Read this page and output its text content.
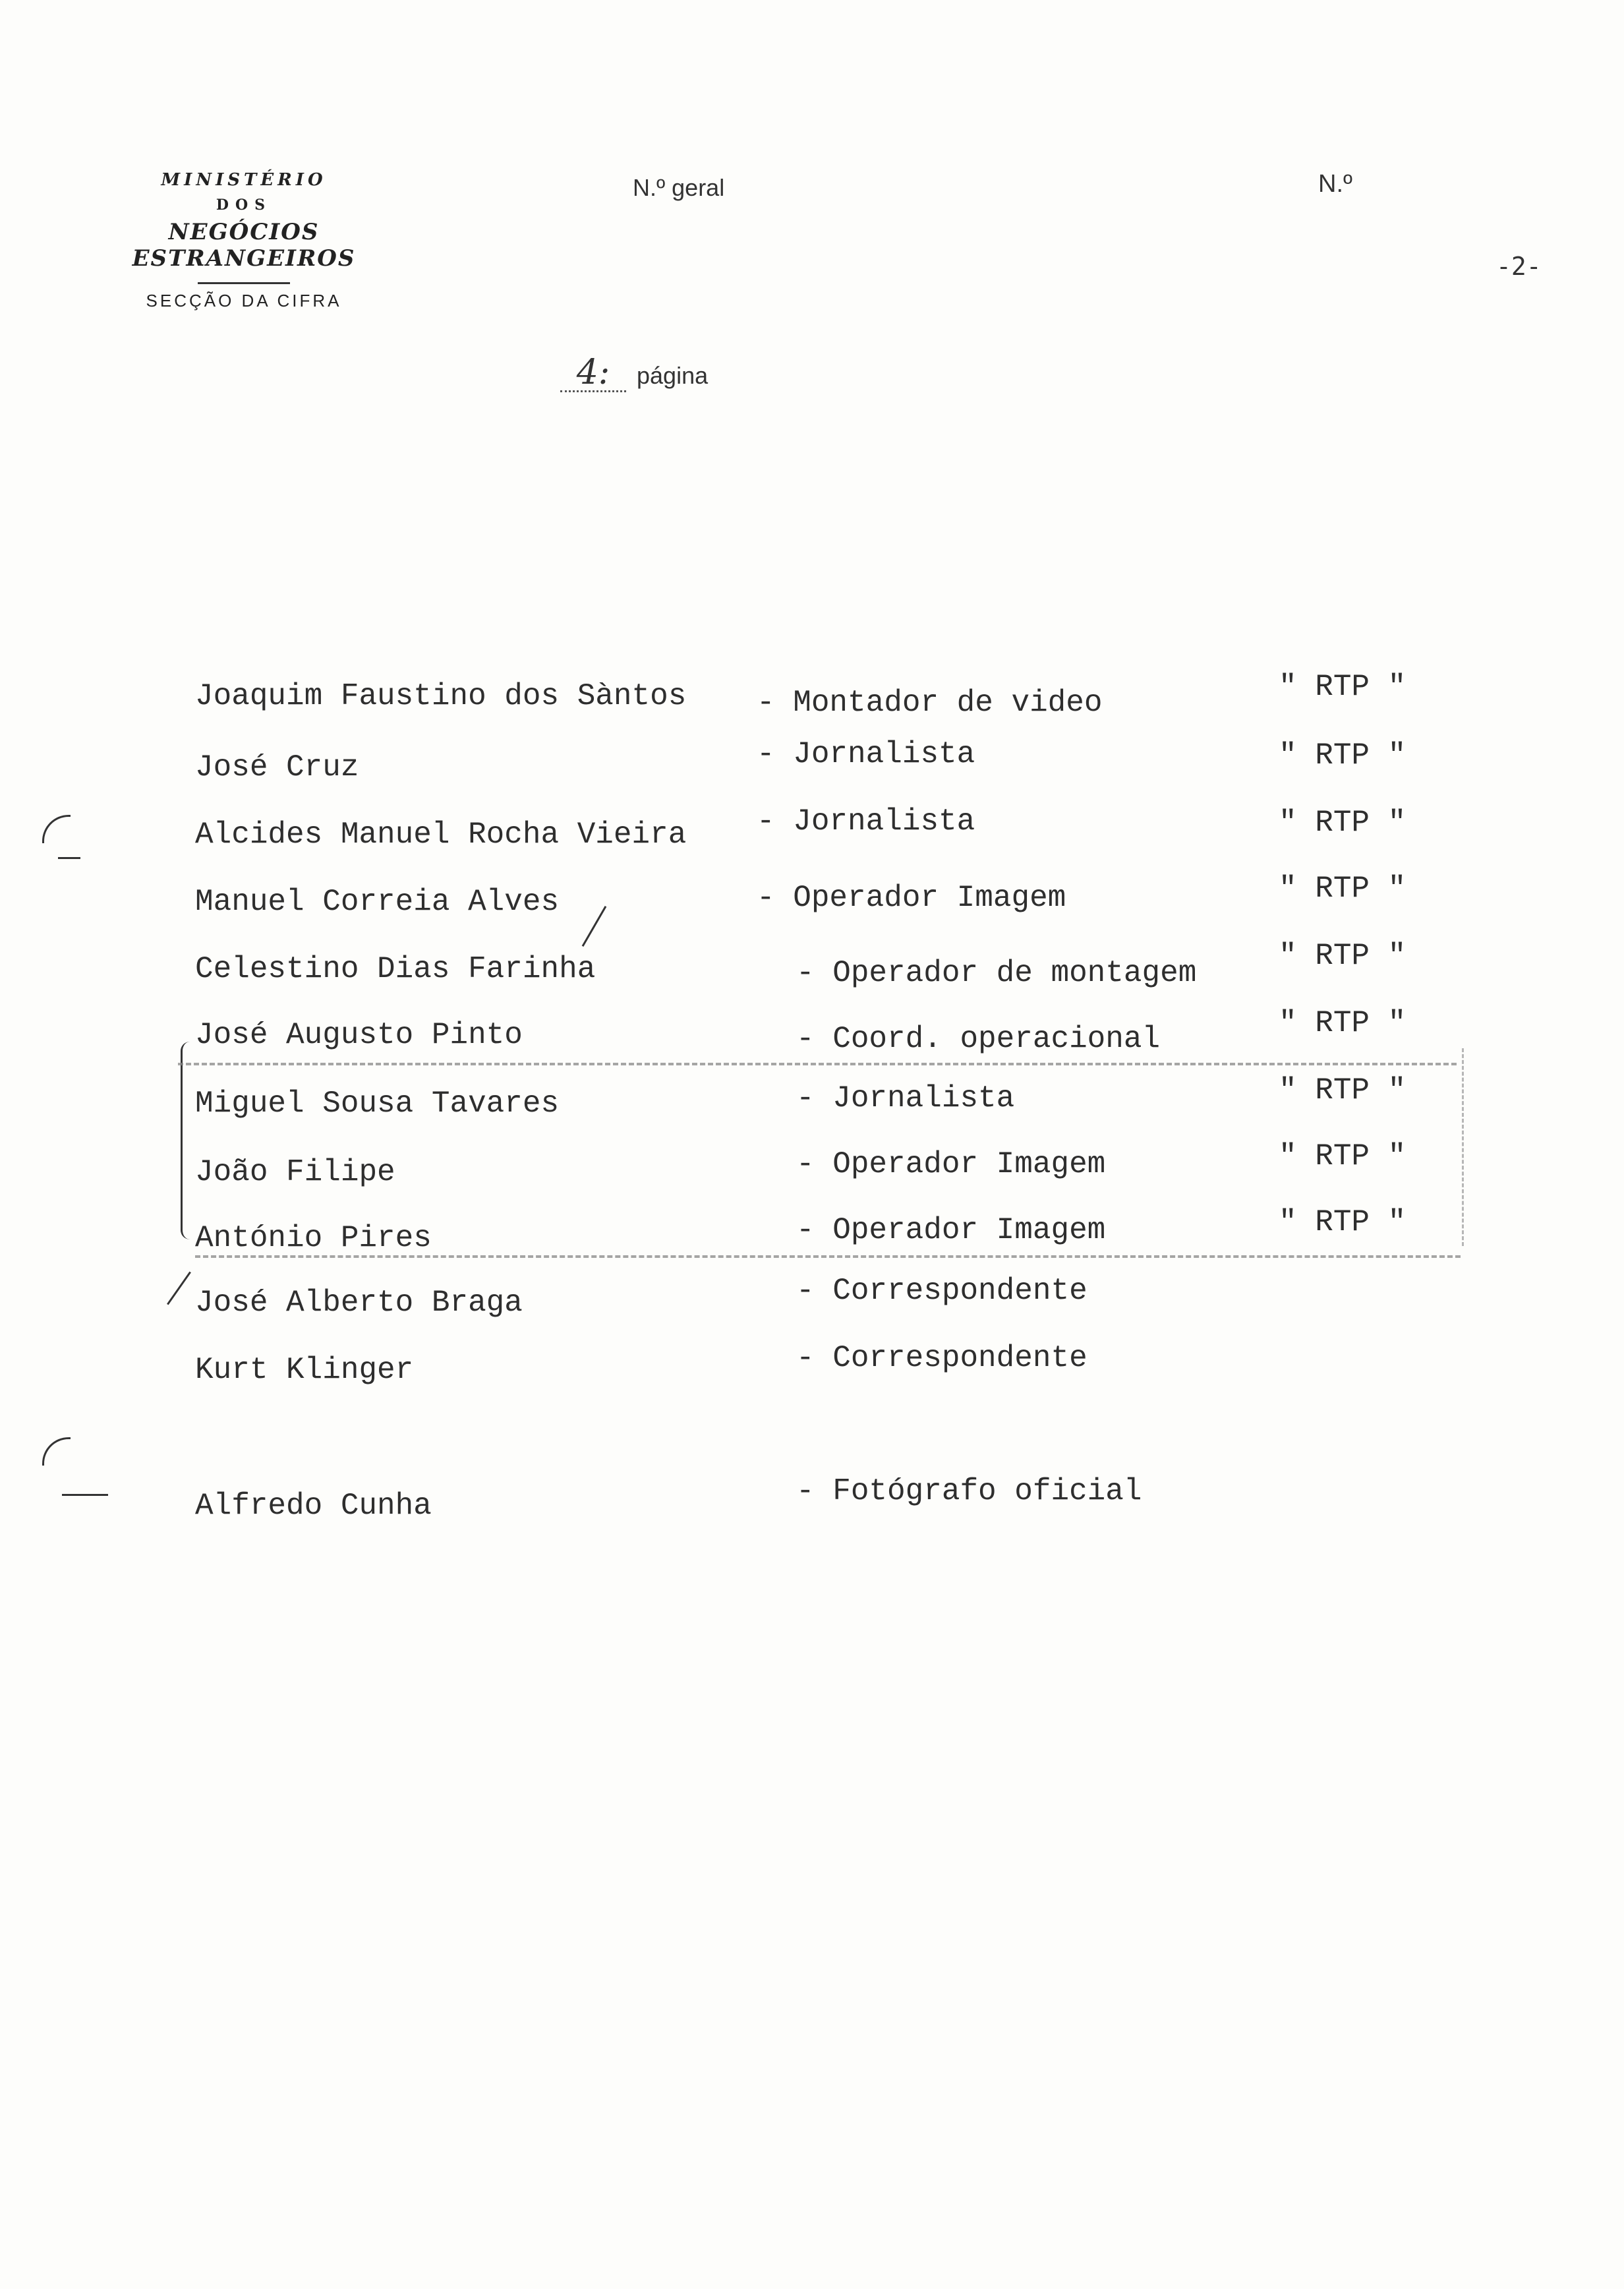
MINISTÉRIO
DOS
NEGÓCIOS ESTRANGEIROS
SECÇÃO DA CIFRA
N.º geral	N.º
-2-
4: página
Joaquim Faustino dos Sàntos - Montador de video	" RTP "
José Cruz	- Jornalista	" RTP "
Alcides Manuel Rocha Vieira - Jornalista	" RTP "
Manuel Correia Alves	- Operador Imagem	" RTP "
Celestino Dias Farinha	- Operador de montagem	" RTP "
José Augusto Pinto	- Coord. operacional	" RTP "
Miguel Sousa Tavares	- Jornalista	" RTP "
João Filipe	- Operador Imagem	" RTP "
António Pires	- Operador Imagem	" RTP "
José Alberto Braga	- Correspondente
Kurt Klinger	- Correspondente
Alfredo Cunha	- Fotógrafo oficial
